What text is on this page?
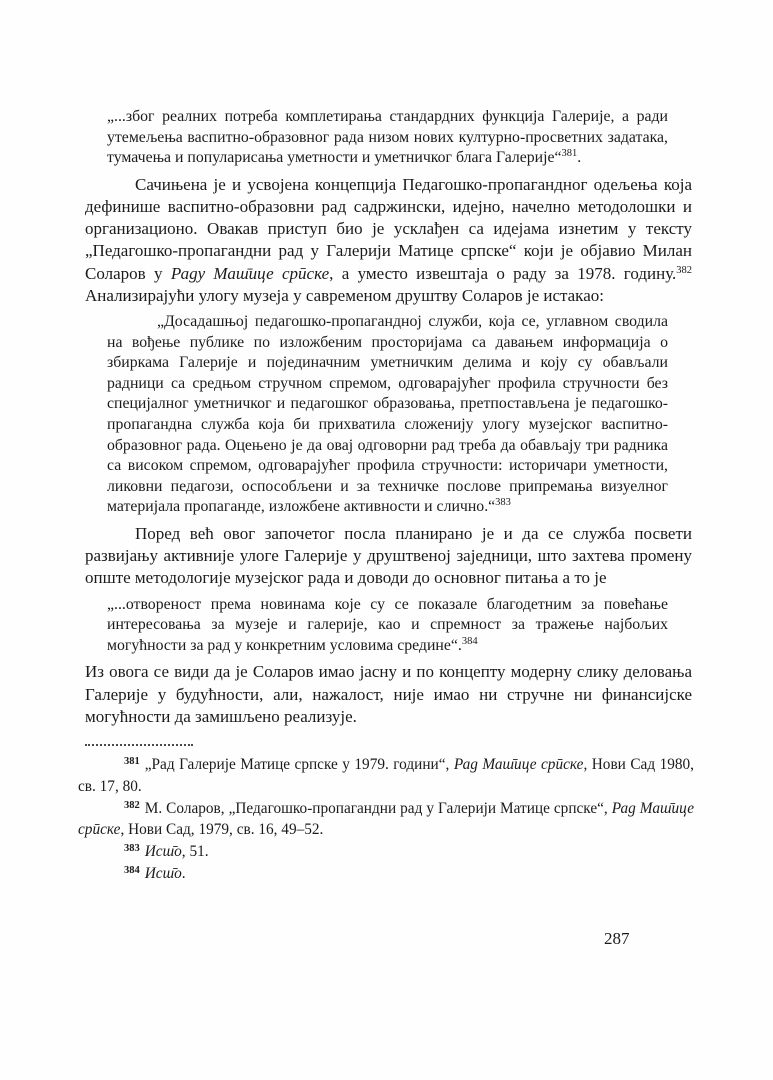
„...због реалних потреба комплетирања стандардних функција Галерије, а ради утемељења васпитно-образовног рада низом нових културно-просветних задатака, тумачења и популарисања уметности и уметничког блага Галерије“$^{381}$.

Сачињена је и усвојена концепција Педагошко-пропагандног одељења која дефинише васпитно-образовни рад садржински, идејно, начелно методолошки и организационо. Овакав приступ био је усклађен са идејама изнетим у тексту „Педагошко-пропагандни рад у Галерији Матице српске“ који је објавио Милан Соларов у Раду Маш̄ице срӣске, а уместо извештаја о раду за 1978. годину.$^{382}$ Анализирајући улогу музеја у савременом друштву Соларов је истакао:

„Досадашњој педагошко-пропагандној служби, која се, углавном сводила на вођење публике по изложбеним просторијама са давањем информација о збиркама Галерије и појединачним уметничким делима и коју су обављали радници са средњом стручном спремом, одговарајућег профила стручности без специјалног уметничког и педагошког образовања, претпостављена је педагошко-пропагандна служба која би прихватила сложенију улогу музејског васпитно-образовног рада. Оцењено је да овај одговорни рад треба да обављају три радника са високом спремом, одговарајућег профила стручности: историчари уметности, ликовни педагози, оспособљени и за техничке послове припремања визуелног материјала пропаганде, изложбене активности и слично.“$^{383}$

Поред већ овог започетог посла планирано је и да се служба посвети развијању активније улоге Галерије у друштвеној заједници, што захтева промену опште методологије музејског рада и доводи до основног питања а то је

„...отвореност према новинама које су се показале благодетним за повећање интересовања за музеје и галерије, као и спремност за тражење најбољих могућности за рад у конкретним условима средине“.$^{384}$

Из овога се види да је Соларов имао јасну и по концепту модерну слику деловања Галерије у будућности, али, нажалост, није имао ни стручне ни финансијске могућности да замишљено реализује.

$^{381}$ „Рад Галерије Матице српске у 1979. години“, Рад Маш̄ице срӣске, Нови Сад 1980, св. 17, 80.

$^{382}$ М. Соларов, „Педагошко-пропагандни рад у Галерији Матице српске“, Рад Маш̄ице срӣске, Нови Сад, 1979, св. 16, 49–52.

$^{383}$ Исш̄о, 51.

$^{384}$ Исш̄о.

287
